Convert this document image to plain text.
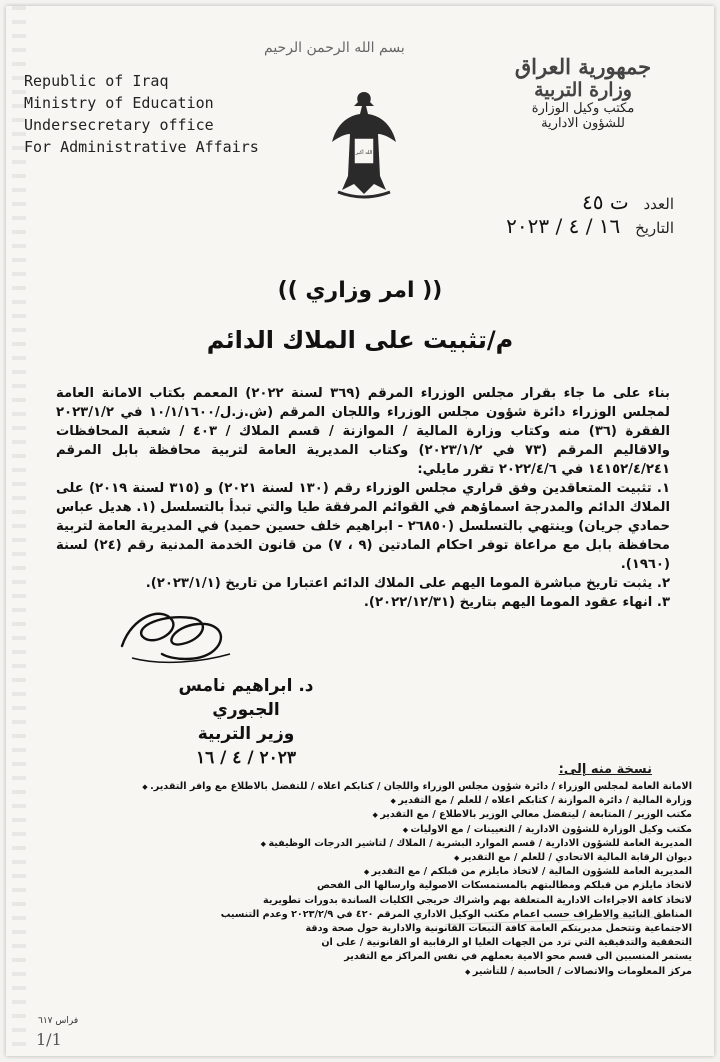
بسم الله الرحمن الرحيم
Republic of Iraq
Ministry of Education
Undersecretary office
For Administrative Affairs	الله أكبر
جمهورية العراق
وزارة التربية
مكتب وكيل الوزارة
للشؤون الادارية
العدد ت ٤٥
التاريخ ١٦ / ٤ / ٢٠٢٣
(( امر وزاري ))
م/تثبيت على الملاك الدائم

بناء على ما جاء بقرار مجلس الوزراء المرقم (٣٦٩ لسنة ٢٠٢٢) المعمم بكتاب الامانة العامة لمجلس الوزراء دائرة شؤون مجلس الوزراء واللجان المرقم (ش.ز.ل/١٠/١/١٦٠٠ في ٢٠٢٣/١/٢ الفقرة (٣٦) منه وكتاب وزارة المالية / الموازنة / قسم الملاك / ٤٠٣ / شعبة المحافظات والاقاليم المرقم (٧٣ في ٢٠٢٣/١/٢) وكتاب المديرية العامة لتربية محافظة بابل المرقم ١٤١٥٢/٤/٢٤١ في ٢٠٢٢/٤/٦ تقرر مايلي:

١. تثبيت المتعاقدين وفق قراري مجلس الوزراء رقم (١٣٠ لسنة ٢٠٢١) و (٣١٥ لسنة ٢٠١٩) على الملاك الدائم والمدرجة اسماؤهم في القوائم المرفقة طيا والتي تبدأ بالتسلسل (١. هديل عباس حمادي جريان) وينتهي بالتسلسل (٢٦٨٥٠ - ابراهيم خلف حسين حميد) في المديرية العامة لتربية محافظة بابل مع مراعاة توفر احكام المادتين (٩ ، ٧) من قانون الخدمة المدنية رقم (٢٤) لسنة (١٩٦٠).

٢. يثبت تاريخ مباشرة الموما اليهم على الملاك الدائم اعتبارا من تاريخ (٢٠٢٣/١/١).

٣. انهاء عقود الموما اليهم بتاريخ (٢٠٢٢/١٢/٣١).

د. ابراهيم نامس الجبوري
وزير التربية
٢٠٢٣ / ٤ / ١٦
نسخة منه إلى:
الامانة العامة لمجلس الوزراء / دائرة شؤون مجلس الوزراء واللجان / كتابكم اعلاه / للتفضل بالاطلاع مع وافر التقدير. ◆
وزارة المالية / دائرة الموازنة / كتابكم اعلاه / للعلم / مع التقدير ◆
مكتب الوزير / المتابعة / ليتفضل معالي الوزير بالاطلاع / مع التقدير ◆
مكتب وكيل الوزارة للشؤون الادارية / التعيينات / مع الاوليات ◆
المديرية العامة للشؤون الادارية / قسم الموارد البشرية / الملاك / لتاشير الدرجات الوظيفية ◆
ديوان الرقابة المالية الاتحادي / للعلم / مع التقدير ◆
المديرية العامة للشؤون المالية / لاتخاذ مايلزم من قبلكم / مع التقدير ◆
لاتخاذ مايلزم من قبلكم ومطالبتهم بالمستمسكات الاصولية وارسالها الى الفحص
لاتخاذ كافة الاجراءات الادارية المتعلقة بهم واشراك خريجي الكليات الساندة بدورات تطويرية
المناطق النائية والاطراف حسب اعمام مكتب الوكيل الاداري المرقم ٤٢٠ في ٢٠٢٣/٢/٩ وعدم التنسيب
الاجتماعية وتتحمل مديريتكم العامة كافة التبعات القانونية والادارية حول صحة ودقة
التحققية والتدقيقية التي ترد من الجهات العليا او الرقابية او القانونية / على ان
يستمر المنسبين الى قسم محو الامية بعملهم في نفس المراكز مع التقدير
مركز المعلومات والاتصالات / الحاسبة / للتأشير ◆
فراس ٦١٧
1/1
